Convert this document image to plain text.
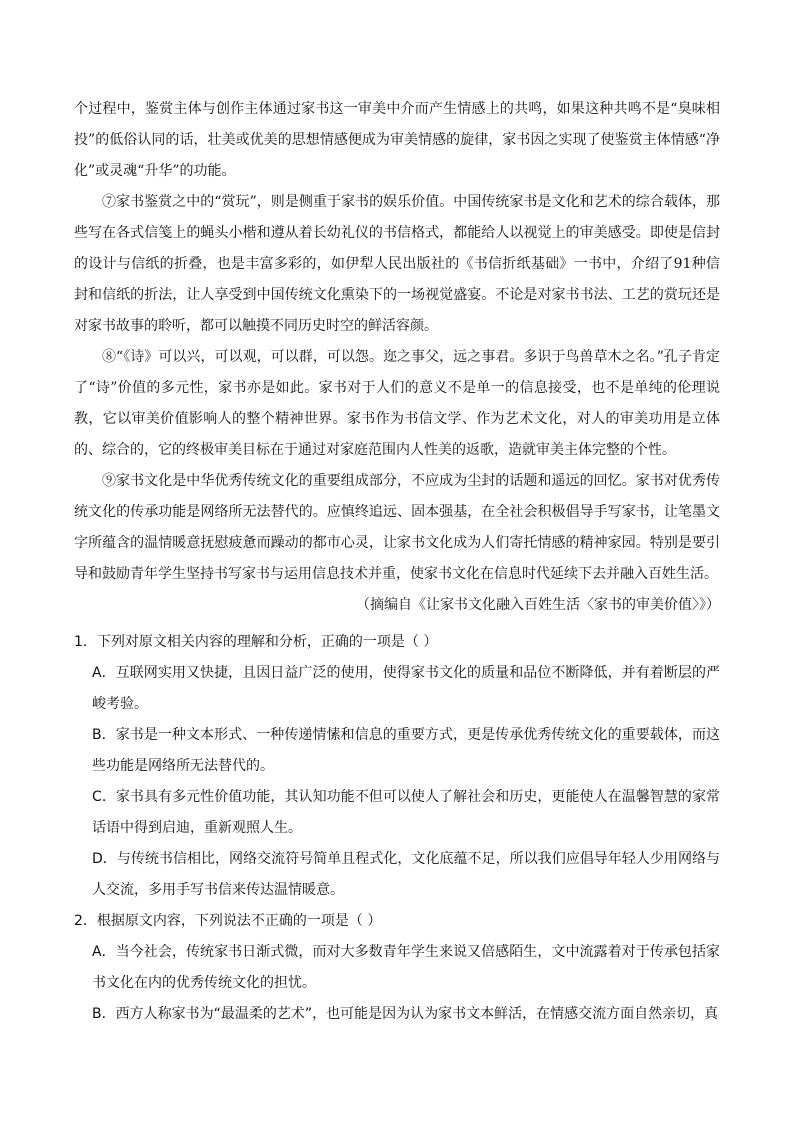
个过程中，鉴赏主体与创作主体通过家书这一审美中介而产生情感上的共鸣，如果这种共鸣不是“臭味相投”的低俗认同的话，壮美或优美的思想情感便成为审美情感的旋律，家书因之实现了使鉴赏主体情感“净化”或灵魂“升华”的功能。

⑦家书鉴赏之中的“赏玩”，则是侧重于家书的娱乐价值。中国传统家书是文化和艺术的综合载体，那些写在各式信笺上的蝇头小楷和遵从着长幼礼仪的书信格式，都能给人以视觉上的审美感受。即使是信封的设计与信纸的折叠，也是丰富多彩的，如伊犁人民出版社的《书信折纸基础》一书中，介绍了91种信封和信纸的折法，让人享受到中国传统文化熏染下的一场视觉盛宴。不论是对家书书法、工艺的赏玩还是对家书故事的聆听，都可以触摸不同历史时空的鲜活容颜。

⑧“《诗》可以兴，可以观，可以群，可以怨。迩之事父，远之事君。多识于鸟兽草木之名。”孔子肯定了“诗”价值的多元性，家书亦是如此。家书对于人们的意义不是单一的信息接受，也不是单纯的伦理说教，它以审美价值影响人的整个精神世界。家书作为书信文学、作为艺术文化，对人的审美功用是立体的、综合的，它的终极审美目标在于通过对家庭范围内人性美的返歌，造就审美主体完整的个性。

⑨家书文化是中华优秀传统文化的重要组成部分，不应成为尘封的话题和遥远的回忆。家书对优秀传统文化的传承功能是网络所无法替代的。应慎终追远、固本强基，在全社会积极倡导手写家书，让笔墨文字所蕴含的温情暖意抚慰疲惫而躁动的都市心灵，让家书文化成为人们寄托情感的精神家园。特别是要引导和鼓励青年学生坚持书写家书与运用信息技术并重，使家书文化在信息时代延续下去并融入百姓生活。

（摘编自《让家书文化融入百姓生活〈家书的审美价值〉》）

1．下列对原文相关内容的理解和分析，正确的一项是（ ）

A．互联网实用又快捷，且因日益广泛的使用，使得家书文化的质量和品位不断降低，并有着断层的严峻考验。

B．家书是一种文本形式、一种传递情愫和信息的重要方式，更是传承优秀传统文化的重要载体，而这些功能是网络所无法替代的。

C．家书具有多元性价值功能，其认知功能不但可以使人了解社会和历史，更能使人在温馨智慧的家常话语中得到启迪，重新观照人生。

D．与传统书信相比，网络交流符号简单且程式化，文化底蕴不足，所以我们应倡导年轻人少用网络与人交流，多用手写书信来传达温情暖意。

2．根据原文内容，下列说法不正确的一项是（ ）

A．当今社会，传统家书日渐式微，而对大多数青年学生来说又倍感陌生，文中流露着对于传承包括家书文化在内的优秀传统文化的担忧。

B．西方人称家书为“最温柔的艺术”，也可能是因为认为家书文本鲜活，在情感交流方面自然亲切，真
